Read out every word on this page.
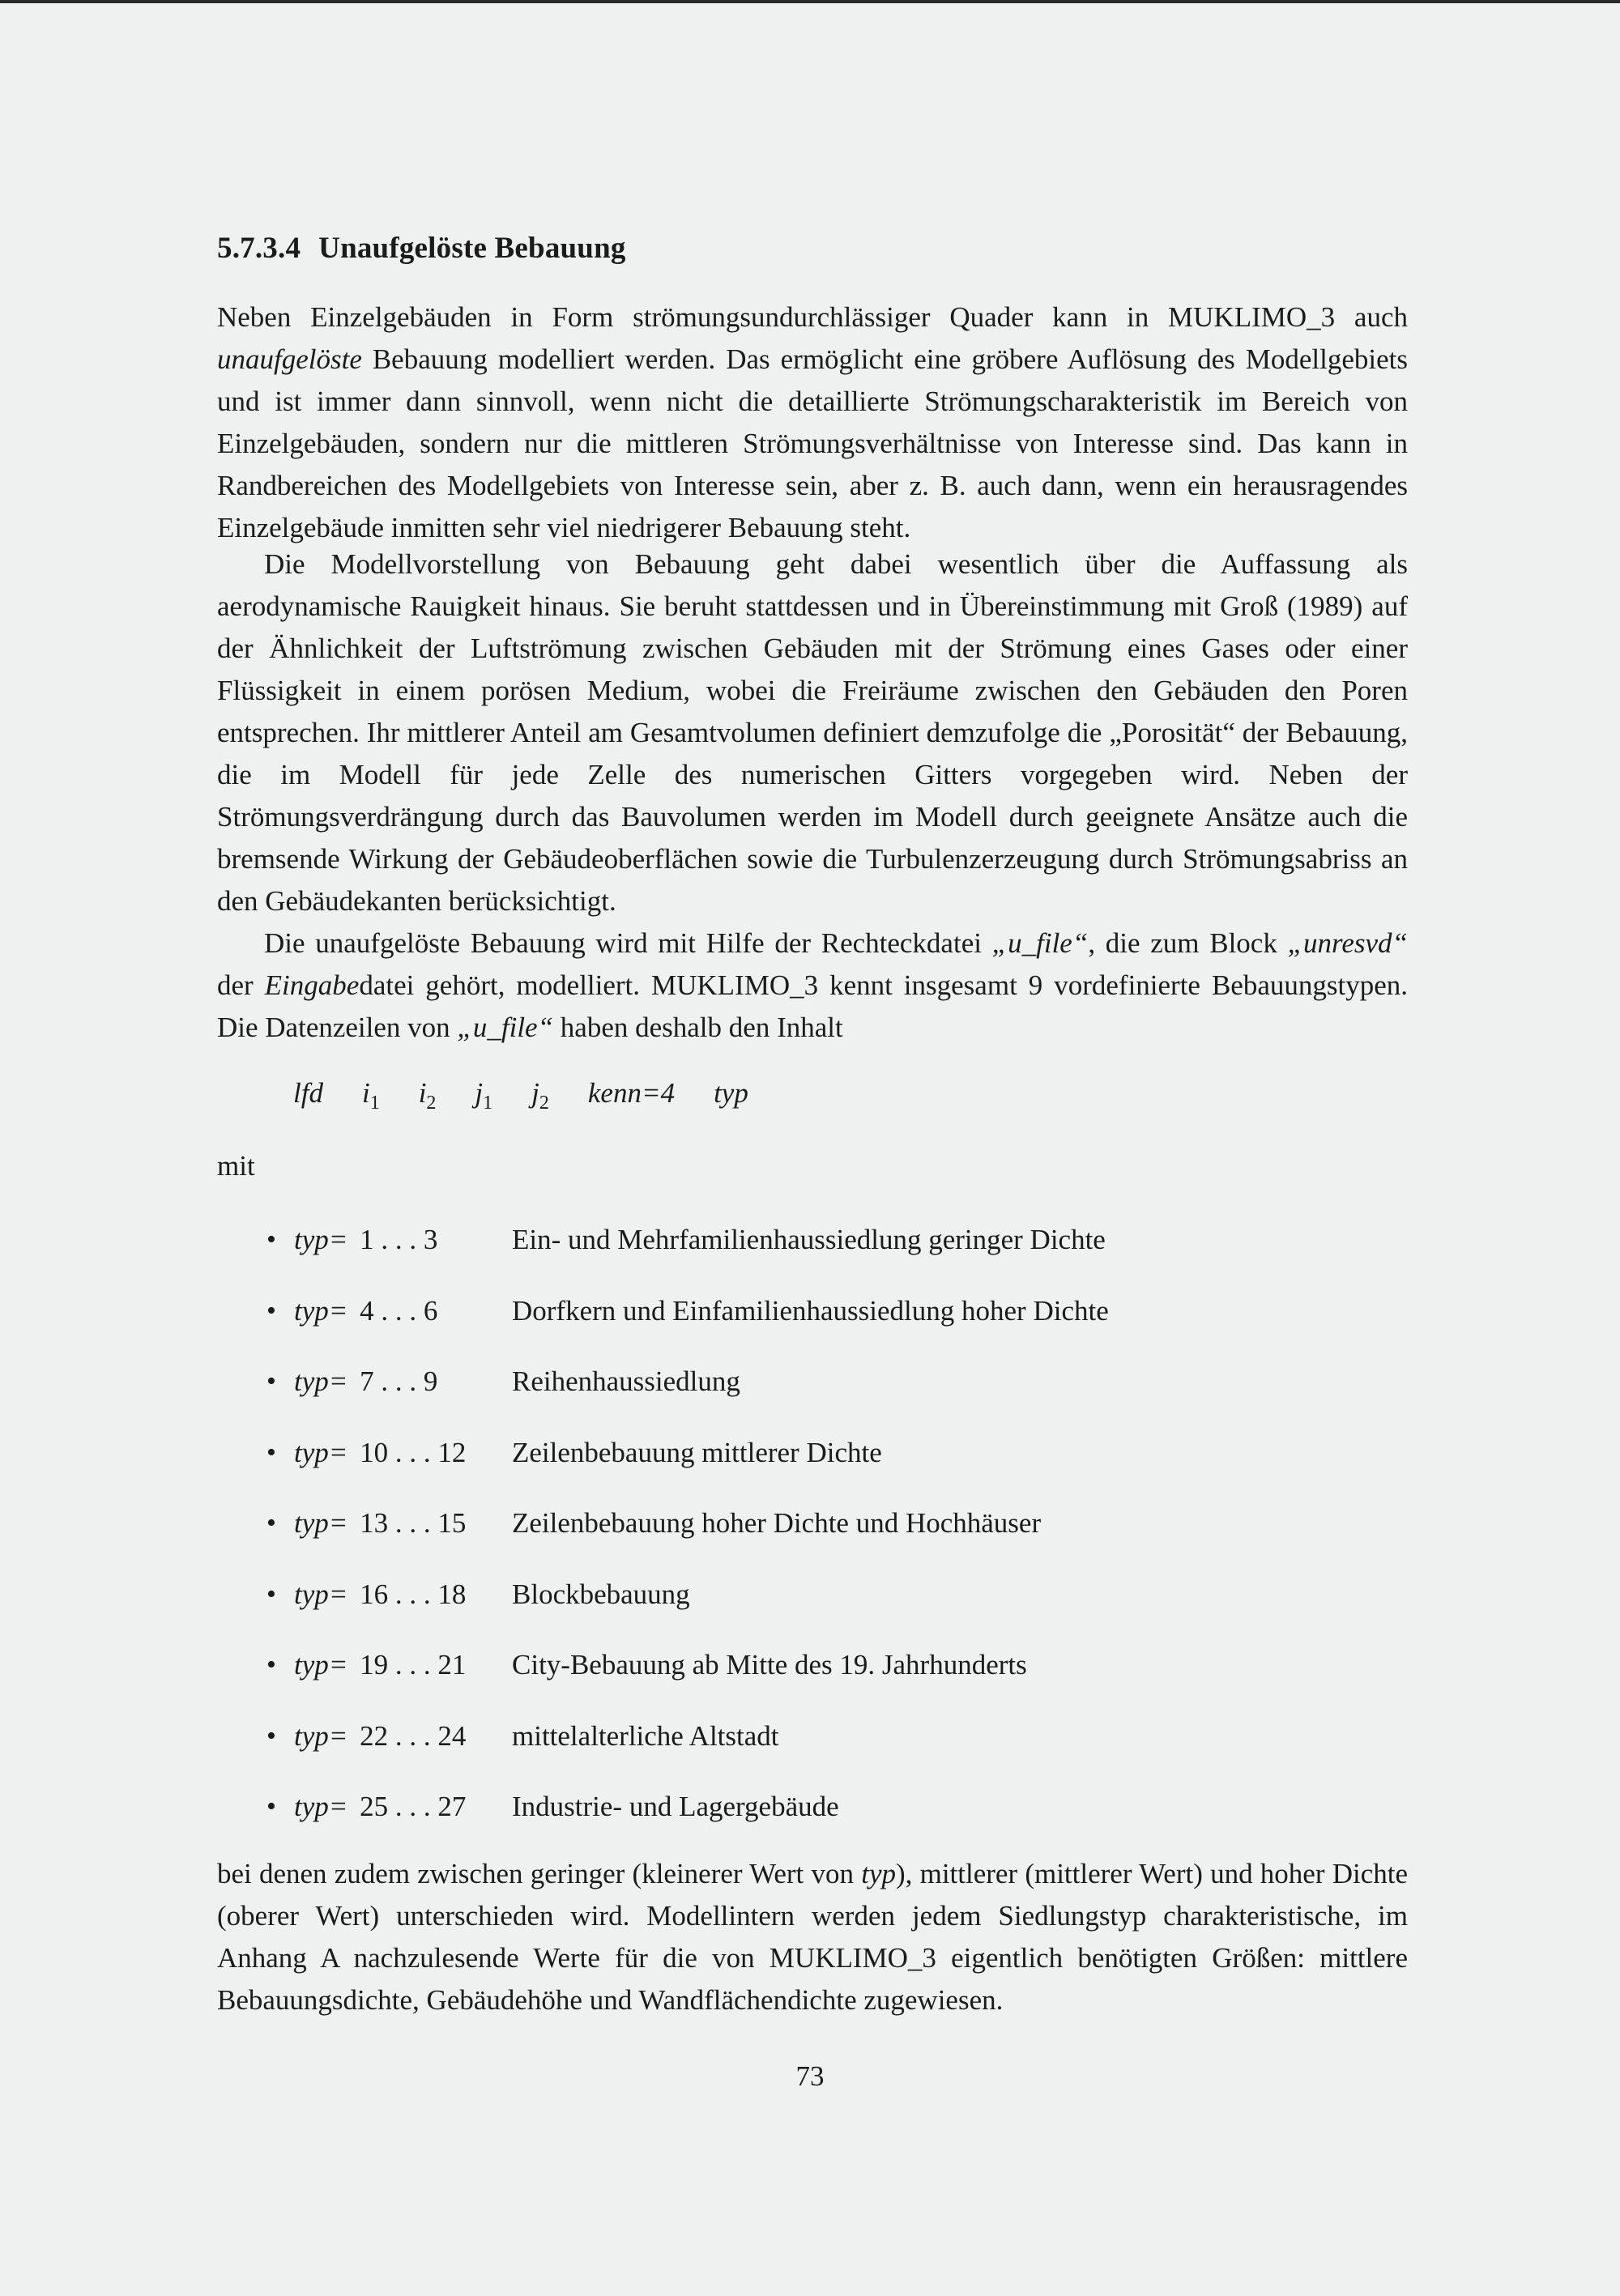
5.7.3.4 Unaufgelöste Bebauung

Neben Einzelgebäuden in Form strömungsundurchlässiger Quader kann in MUKLIMO_3 auch unaufgelöste Bebauung modelliert werden. Das ermöglicht eine gröbere Auflösung des Modellgebiets und ist immer dann sinnvoll, wenn nicht die detaillierte Strömungscharakteristik im Bereich von Einzelgebäuden, sondern nur die mittleren Strömungsverhältnisse von Interesse sind. Das kann in Randbereichen des Modellgebiets von Interesse sein, aber z. B. auch dann, wenn ein herausragendes Einzelgebäude inmitten sehr viel niedrigerer Bebauung steht.

Die Modellvorstellung von Bebauung geht dabei wesentlich über die Auffassung als aerodynamische Rauigkeit hinaus. Sie beruht stattdessen und in Übereinstimmung mit Groß (1989) auf der Ähnlichkeit der Luftströmung zwischen Gebäuden mit der Strömung eines Gases oder einer Flüssigkeit in einem porösen Medium, wobei die Freiräume zwischen den Gebäuden den Poren entsprechen. Ihr mittlerer Anteil am Gesamtvolumen definiert demzufolge die „Porosität“ der Bebauung, die im Modell für jede Zelle des numerischen Gitters vorgegeben wird. Neben der Strömungsverdrängung durch das Bauvolumen werden im Modell durch geeignete Ansätze auch die bremsende Wirkung der Gebäudeoberflächen sowie die Turbulenzerzeugung durch Strömungsabriss an den Gebäudekanten berücksichtigt.

Die unaufgelöste Bebauung wird mit Hilfe der Rechteckdatei „u_file“, die zum Block „unresvd“ der Eingabedatei gehört, modelliert. MUKLIMO_3 kennt insgesamt 9 vordefinierte Bebauungstypen. Die Datenzeilen von „u_file“ haben deshalb den Inhalt

lfd $i_1$ $i_2$ $j_1$ $j_2$ kenn=4 typ
mit
• typ= 1 . . . 3	Ein- und Mehrfamilienhaussiedlung geringer Dichte
• typ= 4 . . . 6	Dorfkern und Einfamilienhaussiedlung hoher Dichte
• typ= 7 . . . 9	Reihenhaussiedlung
• typ= 10 . . . 12 Zeilenbebauung mittlerer Dichte
• typ= 13 . . . 15 Zeilenbebauung hoher Dichte und Hochhäuser
• typ= 16 . . . 18 Blockbebauung
• typ= 19 . . . 21 City-Bebauung ab Mitte des 19. Jahrhunderts
• typ= 22 . . . 24 mittelalterliche Altstadt
• typ= 25 . . . 27 Industrie- und Lagergebäude

bei denen zudem zwischen geringer (kleinerer Wert von typ), mittlerer (mittlerer Wert) und hoher Dichte (oberer Wert) unterschieden wird. Modellintern werden jedem Siedlungstyp charakteristische, im Anhang A nachzulesende Werte für die von MUKLIMO_3 eigentlich benötigten Größen: mittlere Bebauungsdichte, Gebäudehöhe und Wandflächendichte zugewiesen.

73
